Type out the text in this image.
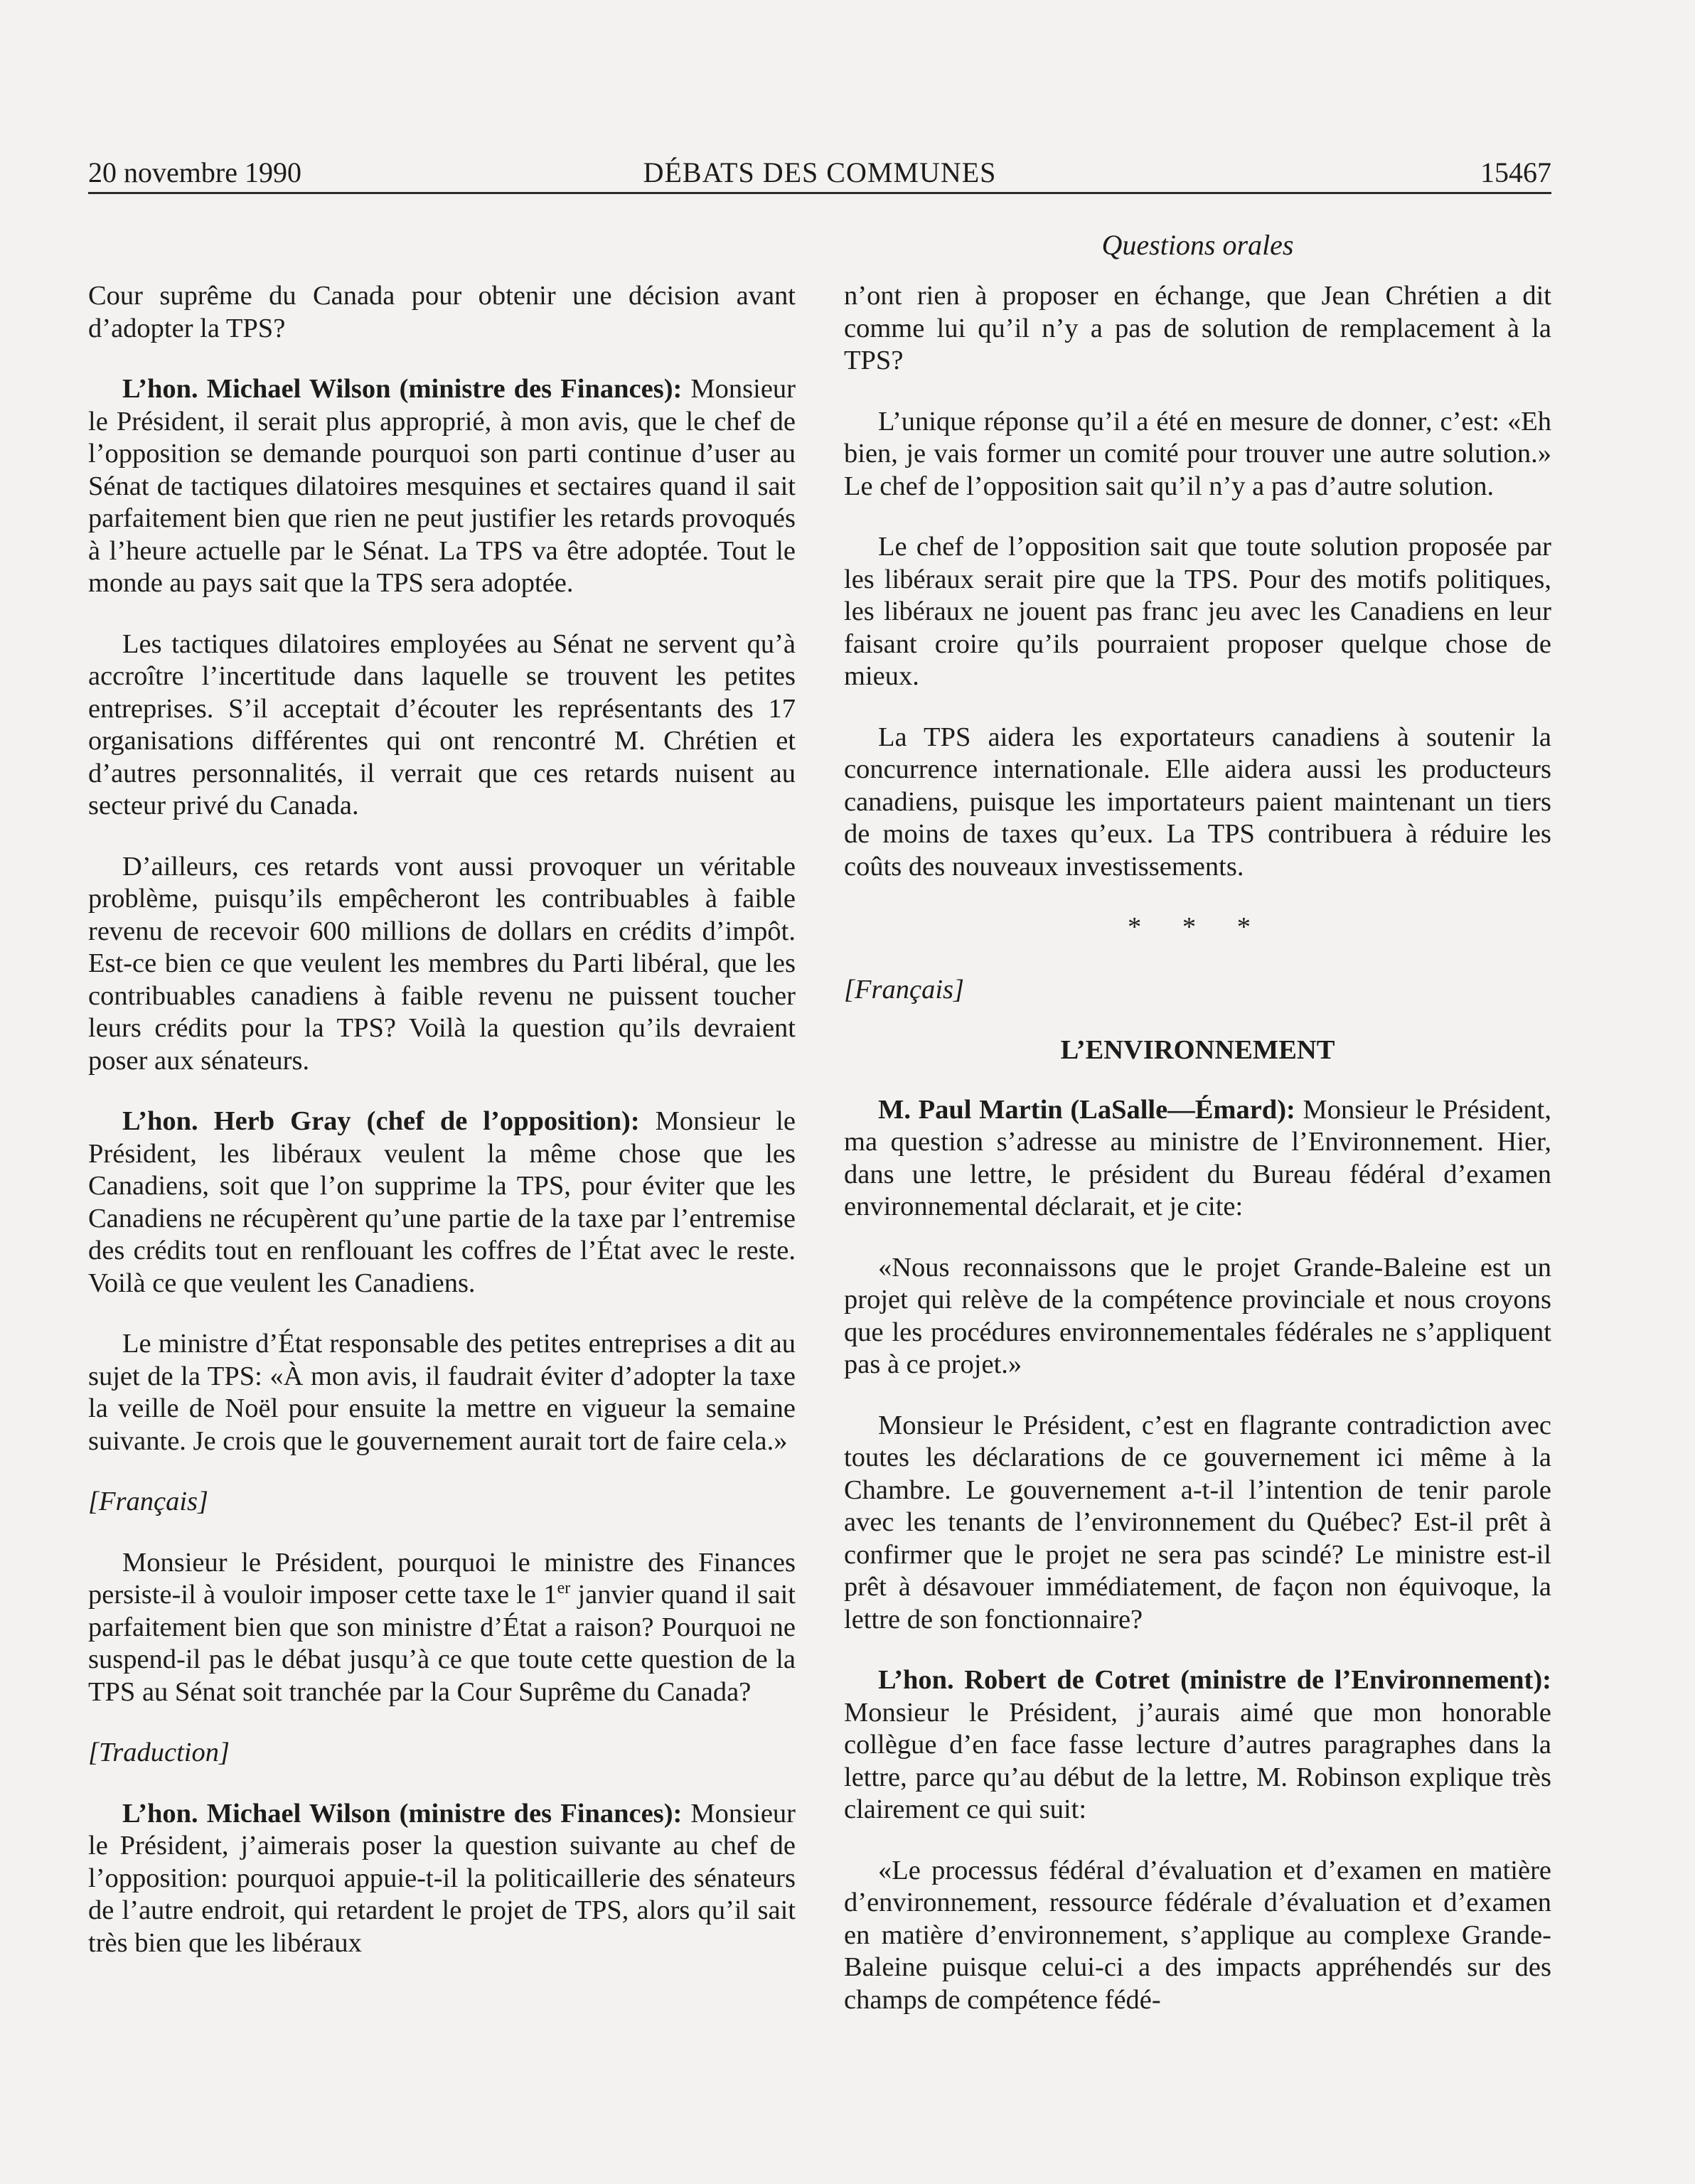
20 novembre 1990	DÉBATS DES COMMUNES	15467
Questions orales

Cour suprême du Canada pour obtenir une décision avant d’adopter la TPS?

L’hon. Michael Wilson (ministre des Finances): Monsieur le Président, il serait plus approprié, à mon avis, que le chef de l’opposition se demande pourquoi son parti continue d’user au Sénat de tactiques dilatoires mesquines et sectaires quand il sait parfaitement bien que rien ne peut justifier les retards provoqués à l’heure actuelle par le Sénat. La TPS va être adoptée. Tout le monde au pays sait que la TPS sera adoptée.

Les tactiques dilatoires employées au Sénat ne servent qu’à accroître l’incertitude dans laquelle se trouvent les petites entreprises. S’il acceptait d’écouter les représentants des 17 organisations différentes qui ont rencontré M. Chrétien et d’autres personnalités, il verrait que ces retards nuisent au secteur privé du Canada.

D’ailleurs, ces retards vont aussi provoquer un véritable problème, puisqu’ils empêcheront les contribuables à faible revenu de recevoir 600 millions de dollars en crédits d’impôt. Est-ce bien ce que veulent les membres du Parti libéral, que les contribuables canadiens à faible revenu ne puissent toucher leurs crédits pour la TPS? Voilà la question qu’ils devraient poser aux sénateurs.

L’hon. Herb Gray (chef de l’opposition): Monsieur le Président, les libéraux veulent la même chose que les Canadiens, soit que l’on supprime la TPS, pour éviter que les Canadiens ne récupèrent qu’une partie de la taxe par l’entremise des crédits tout en renflouant les coffres de l’État avec le reste. Voilà ce que veulent les Canadiens.

Le ministre d’État responsable des petites entreprises a dit au sujet de la TPS: «À mon avis, il faudrait éviter d’adopter la taxe la veille de Noël pour ensuite la mettre en vigueur la semaine suivante. Je crois que le gouvernement aurait tort de faire cela.»

[Français]

Monsieur le Président, pourquoi le ministre des Finances persiste-il à vouloir imposer cette taxe le 1er janvier quand il sait parfaitement bien que son ministre d’État a raison? Pourquoi ne suspend-il pas le débat jusqu’à ce que toute cette question de la TPS au Sénat soit tranchée par la Cour Suprême du Canada?

[Traduction]

L’hon. Michael Wilson (ministre des Finances): Monsieur le Président, j’aimerais poser la question suivante au chef de l’opposition: pourquoi appuie-t-il la politicaillerie des sénateurs de l’autre endroit, qui retardent le projet de TPS, alors qu’il sait très bien que les libéraux

n’ont rien à proposer en échange, que Jean Chrétien a dit comme lui qu’il n’y a pas de solution de remplacement à la TPS?

L’unique réponse qu’il a été en mesure de donner, c’est: «Eh bien, je vais former un comité pour trouver une autre solution.» Le chef de l’opposition sait qu’il n’y a pas d’autre solution.

Le chef de l’opposition sait que toute solution proposée par les libéraux serait pire que la TPS. Pour des motifs politiques, les libéraux ne jouent pas franc jeu avec les Canadiens en leur faisant croire qu’ils pourraient proposer quelque chose de mieux.

La TPS aidera les exportateurs canadiens à soutenir la concurrence internationale. Elle aidera aussi les producteurs canadiens, puisque les importateurs paient maintenant un tiers de moins de taxes qu’eux. La TPS contribuera à réduire les coûts des nouveaux investissements.

* * *

[Français]

L’ENVIRONNEMENT

M. Paul Martin (LaSalle—Émard): Monsieur le Président, ma question s’adresse au ministre de l’Environnement. Hier, dans une lettre, le président du Bureau fédéral d’examen environnemental déclarait, et je cite:

«Nous reconnaissons que le projet Grande-Baleine est un projet qui relève de la compétence provinciale et nous croyons que les procédures environnementales fédérales ne s’appliquent pas à ce projet.»

Monsieur le Président, c’est en flagrante contradiction avec toutes les déclarations de ce gouvernement ici même à la Chambre. Le gouvernement a-t-il l’intention de tenir parole avec les tenants de l’environnement du Québec? Est-il prêt à confirmer que le projet ne sera pas scindé? Le ministre est-il prêt à désavouer immédiatement, de façon non équivoque, la lettre de son fonctionnaire?

L’hon. Robert de Cotret (ministre de l’Environnement): Monsieur le Président, j’aurais aimé que mon honorable collègue d’en face fasse lecture d’autres paragraphes dans la lettre, parce qu’au début de la lettre, M. Robinson explique très clairement ce qui suit:

«Le processus fédéral d’évaluation et d’examen en matière d’environnement, ressource fédérale d’évaluation et d’examen en matière d’environnement, s’applique au complexe Grande-Baleine puisque celui-ci a des impacts appréhendés sur des champs de compétence fédé-
